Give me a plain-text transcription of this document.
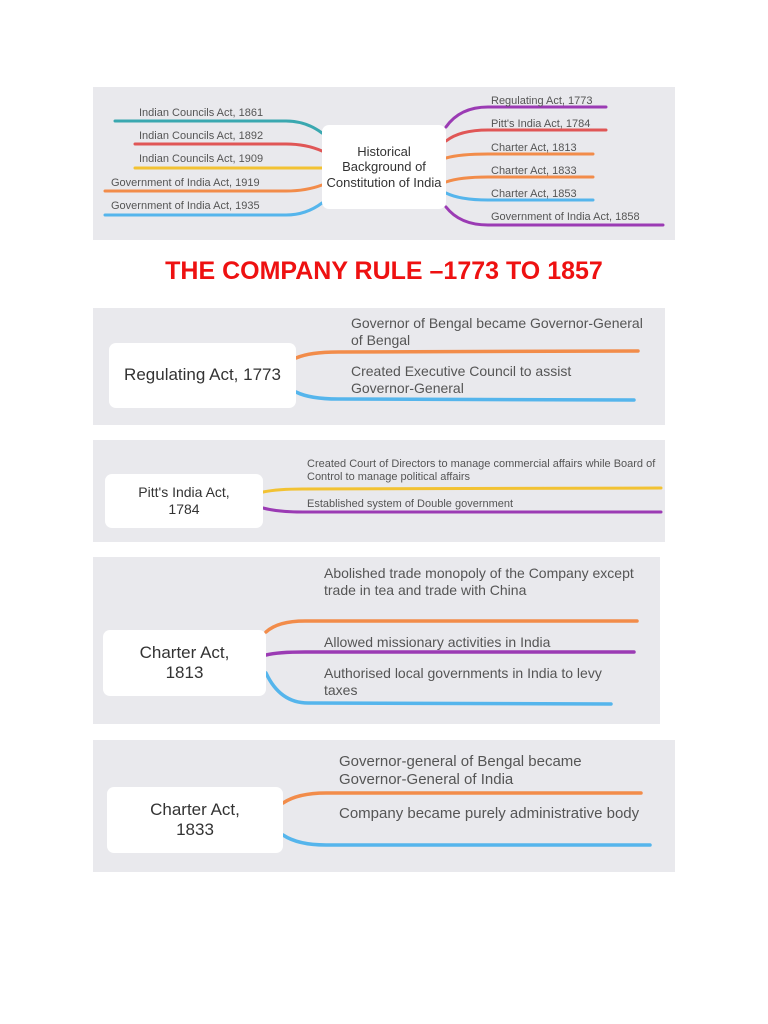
Historical Background of Constitution of India
Indian Councils Act, 1861
Indian Councils Act, 1892
Indian Councils Act, 1909
Government of India Act, 1919
Government of India Act, 1935
Regulating Act, 1773
Pitt's India Act, 1784
Charter Act, 1813
Charter Act, 1833
Charter Act, 1853
Government of India Act, 1858
THE COMPANY RULE –1773 TO 1857
Regulating Act, 1773
Governor of Bengal became Governor-General of Bengal
Created Executive Council to assist Governor-General
Pitt's India Act, 1784
Created Court of Directors to manage commercial affairs while Board of Control to manage political affairs
Established system of Double government
Charter Act, 1813
Abolished trade monopoly of the Company except trade in tea and trade with China
Allowed missionary activities in India
Authorised local governments in India to levy taxes
Charter Act, 1833
Governor-general of Bengal became Governor-General of India
Company became purely administrative body
